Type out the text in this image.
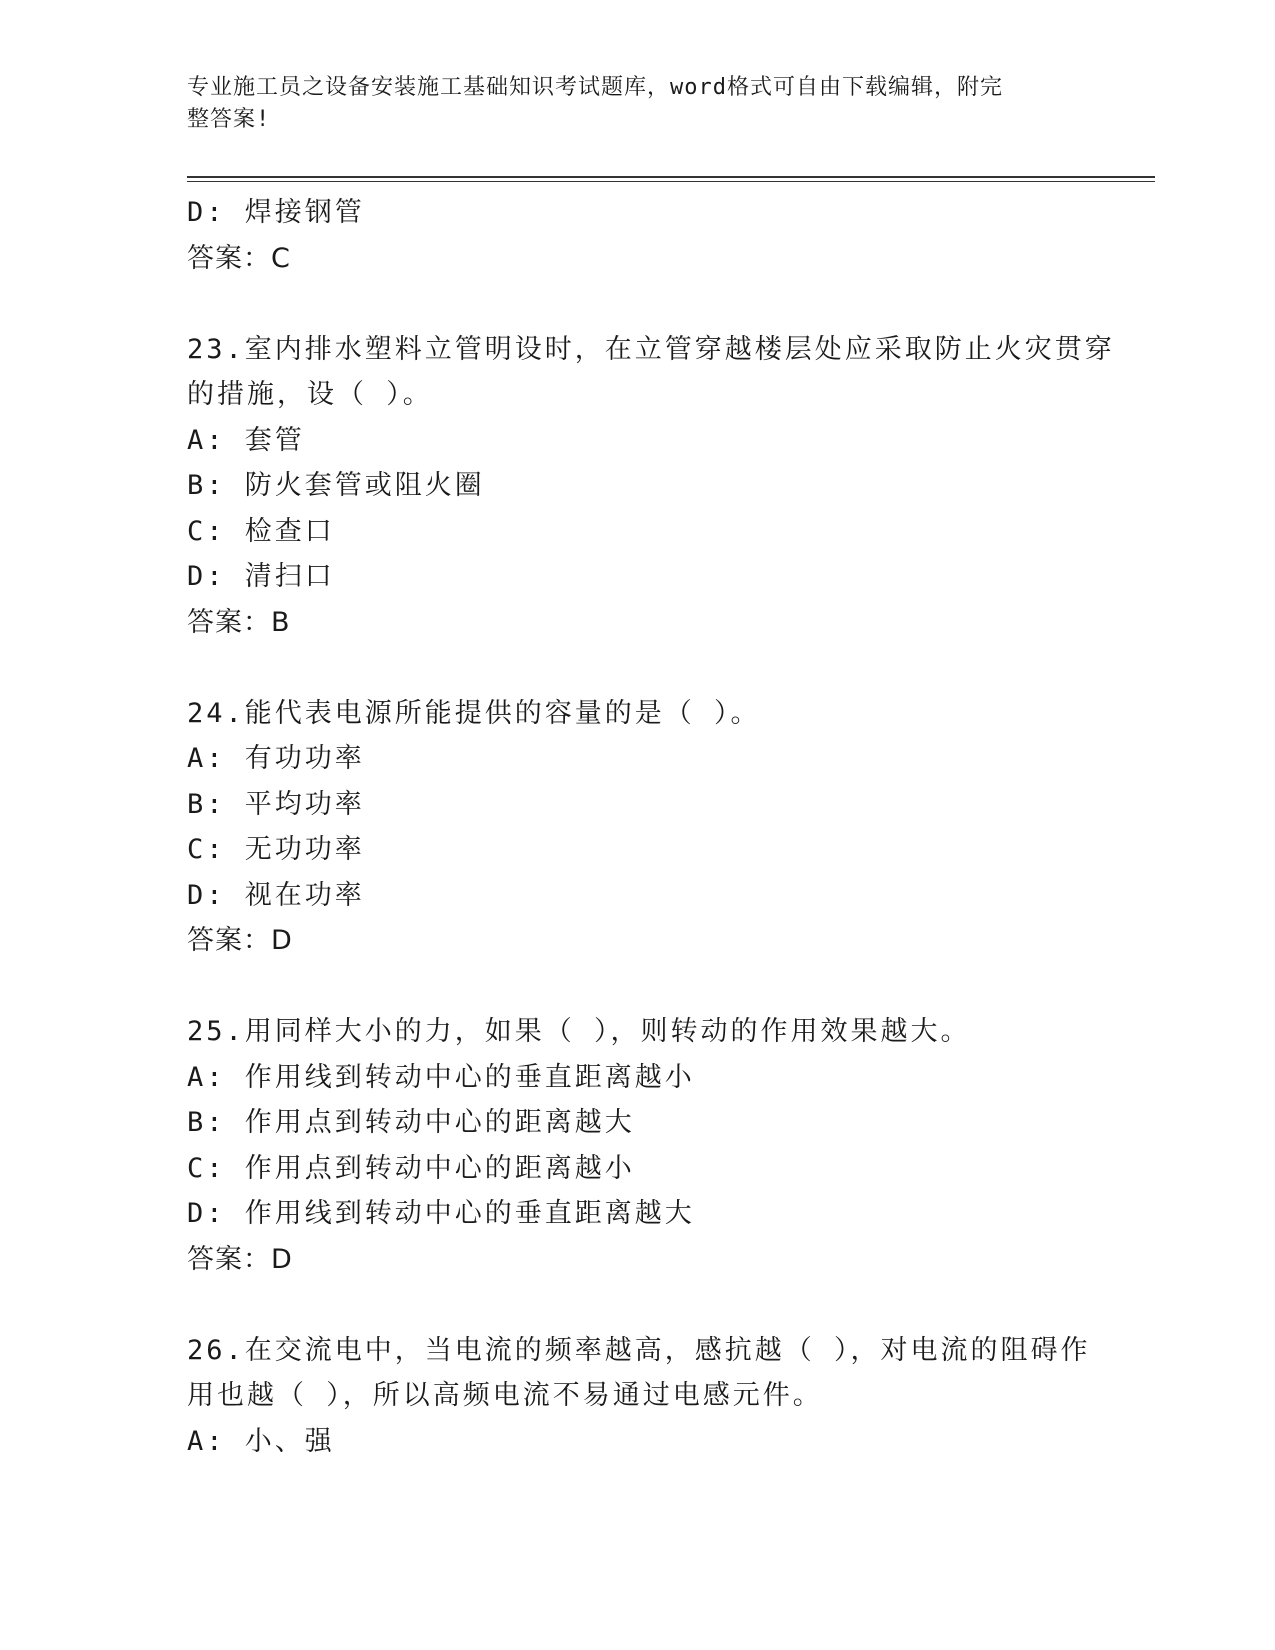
专业施工员之设备安装施工基础知识考试题库，word格式可自由下载编辑，附完
整答案!
D: 焊接钢管
答案：C
23.室内排水塑料立管明设时，在立管穿越楼层处应采取防止火灾贯穿
的措施，设（ ）。
A: 套管
B: 防火套管或阻火圈
C: 检查口
D: 清扫口
答案：B
24.能代表电源所能提供的容量的是（ ）。
A: 有功功率
B: 平均功率
C: 无功功率
D: 视在功率
答案：D
25.用同样大小的力，如果（ ），则转动的作用效果越大。
A: 作用线到转动中心的垂直距离越小
B: 作用点到转动中心的距离越大
C: 作用点到转动中心的距离越小
D: 作用线到转动中心的垂直距离越大
答案：D
26.在交流电中，当电流的频率越高，感抗越（ ），对电流的阻碍作
用也越（ ），所以高频电流不易通过电感元件。
A: 小、强
